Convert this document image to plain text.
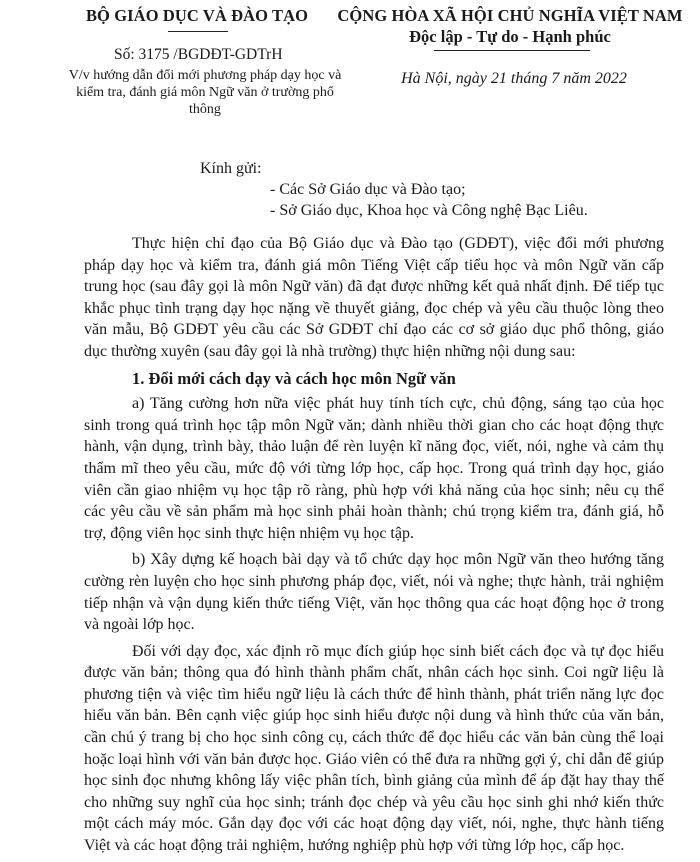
BỘ GIÁO DỤC VÀ ĐÀO TẠO
Số: 3175 /BGDĐT-GDTrH
V/v hướng dẫn đổi mới phương pháp dạy học và kiểm tra, đánh giá môn Ngữ văn ở trường phổ thông
CỘNG HÒA XÃ HỘI CHỦ NGHĨA VIỆT NAM
Độc lập - Tự do - Hạnh phúc
Hà Nội, ngày 21 tháng 7 năm 2022
Kính gửi:
- Các Sở Giáo dục và Đào tạo;
- Sở Giáo dục, Khoa học và Công nghệ Bạc Liêu.

Thực hiện chỉ đạo của Bộ Giáo dục và Đào tạo (GDĐT), việc đổi mới phương pháp dạy học và kiểm tra, đánh giá môn Tiếng Việt cấp tiểu học và môn Ngữ văn cấp trung học (sau đây gọi là môn Ngữ văn) đã đạt được những kết quả nhất định. Để tiếp tục khắc phục tình trạng dạy học nặng về thuyết giảng, đọc chép và yêu cầu thuộc lòng theo văn mẫu, Bộ GDĐT yêu cầu các Sở GDĐT chỉ đạo các cơ sở giáo dục phổ thông, giáo dục thường xuyên (sau đây gọi là nhà trường) thực hiện những nội dung sau:

1. Đổi mới cách dạy và cách học môn Ngữ văn

a) Tăng cường hơn nữa việc phát huy tính tích cực, chủ động, sáng tạo của học sinh trong quá trình học tập môn Ngữ văn; dành nhiều thời gian cho các hoạt động thực hành, vận dụng, trình bày, thảo luận để rèn luyện kĩ năng đọc, viết, nói, nghe và cảm thụ thẩm mĩ theo yêu cầu, mức độ với từng lớp học, cấp học. Trong quá trình dạy học, giáo viên cần giao nhiệm vụ học tập rõ ràng, phù hợp với khả năng của học sinh; nêu cụ thể các yêu cầu về sản phẩm mà học sinh phải hoàn thành; chú trọng kiểm tra, đánh giá, hỗ trợ, động viên học sinh thực hiện nhiệm vụ học tập.

b) Xây dựng kế hoạch bài dạy và tổ chức dạy học môn Ngữ văn theo hướng tăng cường rèn luyện cho học sinh phương pháp đọc, viết, nói và nghe; thực hành, trải nghiệm tiếp nhận và vận dụng kiến thức tiếng Việt, văn học thông qua các hoạt động học ở trong và ngoài lớp học.

Đối với dạy đọc, xác định rõ mục đích giúp học sinh biết cách đọc và tự đọc hiểu được văn bản; thông qua đó hình thành phẩm chất, nhân cách học sinh. Coi ngữ liệu là phương tiện và việc tìm hiểu ngữ liệu là cách thức để hình thành, phát triển năng lực đọc hiểu văn bản. Bên cạnh việc giúp học sinh hiểu được nội dung và hình thức của văn bản, cần chú ý trang bị cho học sinh công cụ, cách thức để đọc hiểu các văn bản cùng thể loại hoặc loại hình với văn bản được học. Giáo viên có thể đưa ra những gợi ý, chỉ dẫn để giúp học sinh đọc nhưng không lấy việc phân tích, bình giảng của mình để áp đặt hay thay thế cho những suy nghĩ của học sinh; tránh đọc chép và yêu cầu học sinh ghi nhớ kiến thức một cách máy móc. Gắn dạy đọc với các hoạt động dạy viết, nói, nghe, thực hành tiếng Việt và các hoạt động trải nghiệm, hướng nghiệp phù hợp với từng lớp học, cấp học.
